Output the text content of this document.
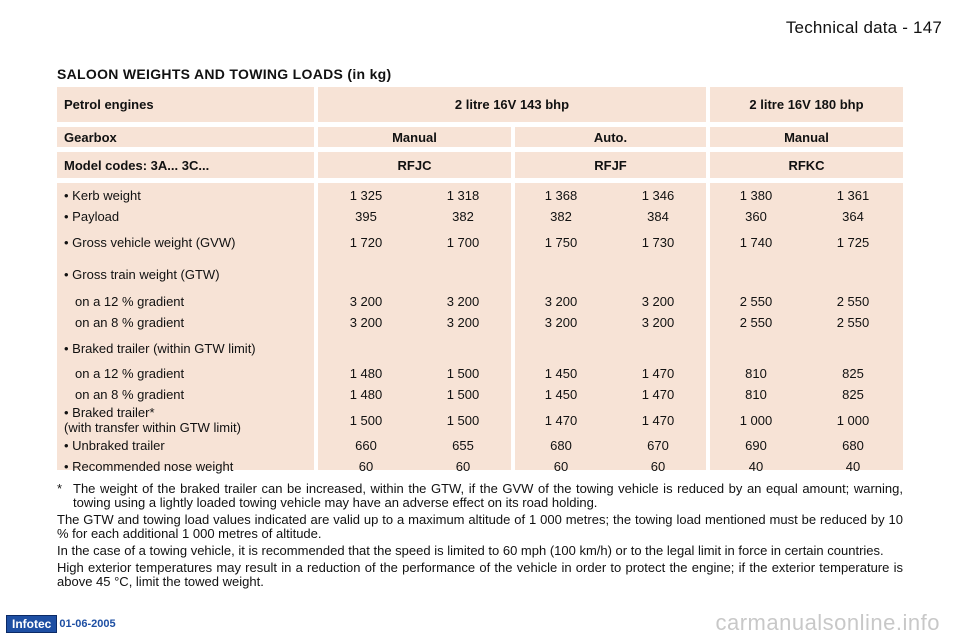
Technical data - 147
SALOON WEIGHTS AND TOWING LOADS (in kg)
Petrol engines	2 litre 16V 143 bhp	2 litre 16V 180 bhp
Gearbox	Manual	Auto.	Manual
Model codes: 3A... 3C...	RFJC	RFJF	RFKC
• Kerb weight	1 325	1 318	1 368	1 346	1 380	1 361
• Payload	395	382	382	384	360	364
• Gross vehicle weight (GVW)	1 720	1 700	1 750	1 730	1 740	1 725
• Gross train weight (GTW)
on a 12 % gradient	3 200	3 200	3 200	3 200	2 550	2 550
on an 8 % gradient	3 200	3 200	3 200	3 200	2 550	2 550
• Braked trailer (within GTW limit)
on a 12 % gradient	1 480	1 500	1 450	1 470	810	825
on an 8 % gradient	1 480	1 500	1 450	1 470	810	825
• Braked trailer*
(with transfer within GTW limit)	1 500	1 500	1 470	1 470	1 000	1 000
• Unbraked trailer	660	655	680	670	690	680
• Recommended nose weight	60	60	60	60	40	40

* The weight of the braked trailer can be increased, within the GTW, if the GVW of the towing vehicle is reduced by an equal amount; warning, towing using a lightly loaded towing vehicle may have an adverse effect on its road holding.

The GTW and towing load values indicated are valid up to a maximum altitude of 1 000 metres; the towing load mentioned must be reduced by 10 % for each additional 1 000 metres of altitude.

In the case of a towing vehicle, it is recommended that the speed is limited to 60 mph (100 km/h) or to the legal limit in force in certain countries.

High exterior temperatures may result in a reduction of the performance of the vehicle in order to protect the engine; if the exterior temperature is above 45 °C, limit the towed weight.

Infotec 01-06-2005	carmanualsonline.info
